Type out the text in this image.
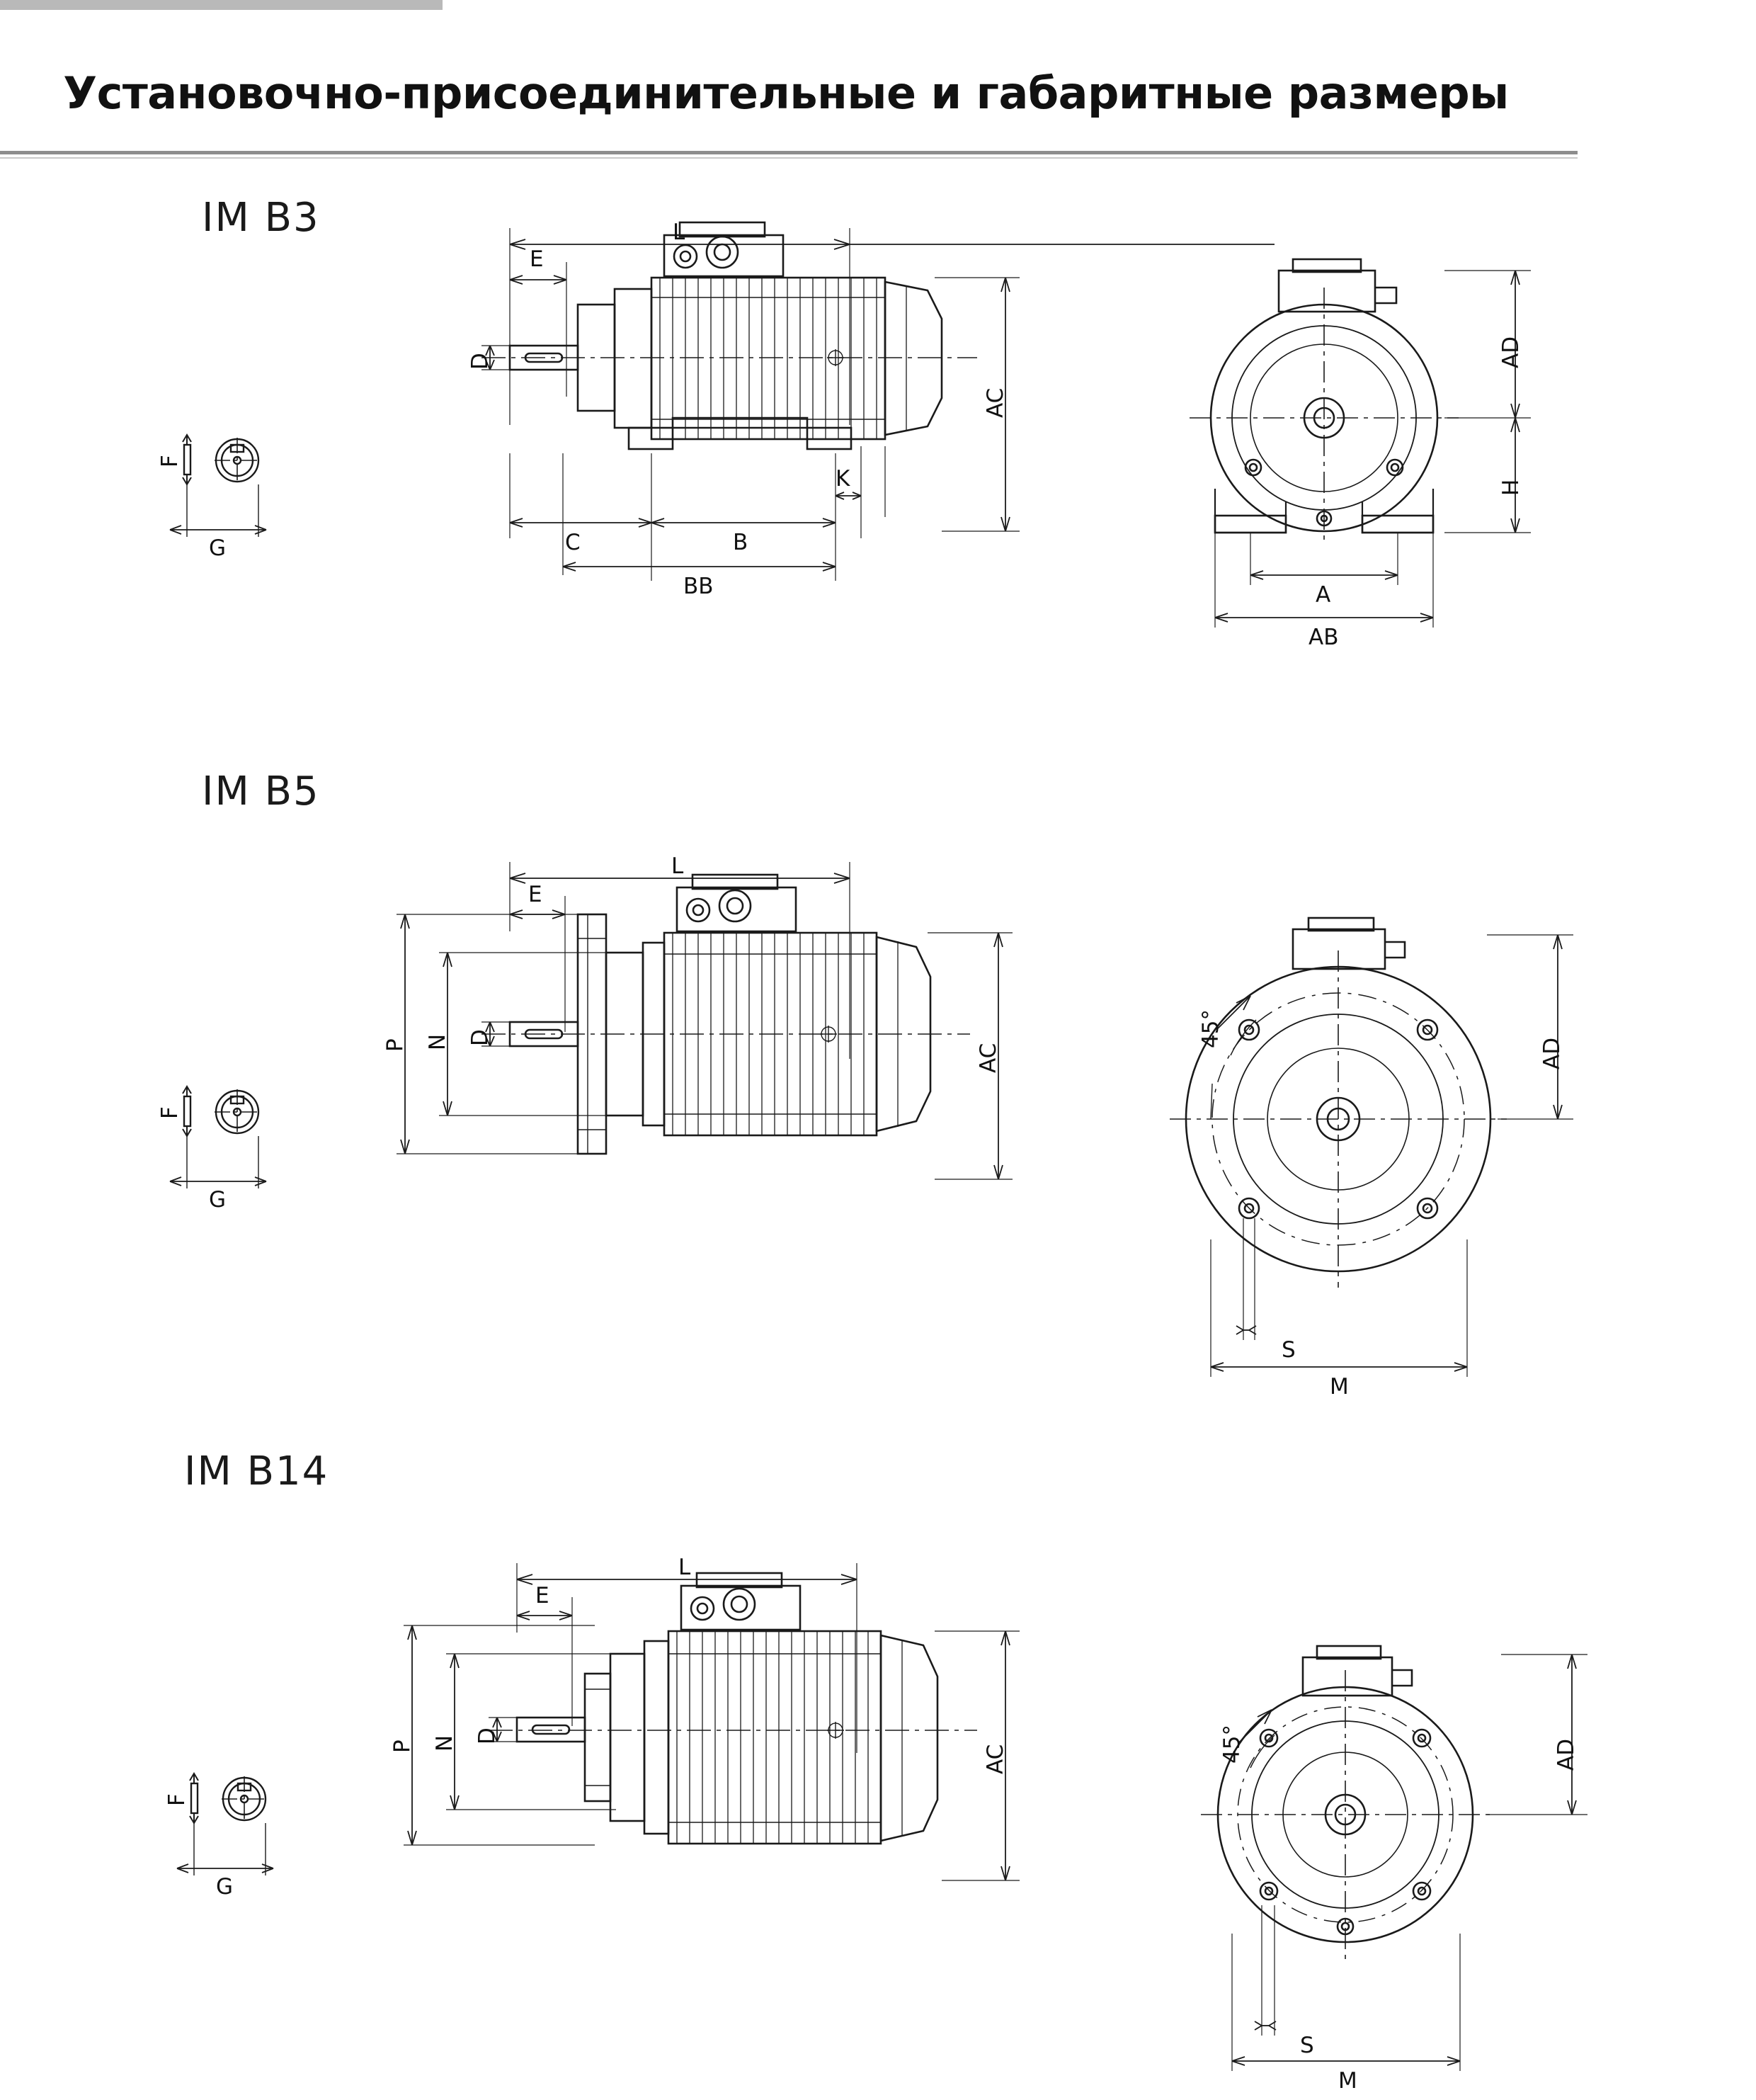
Установочно-присоединительные и габаритные размеры
IM B3
F
G
L
E
D
AC
C	B
K
BB
AD
H
A
AB
IM B5
F
G
L
E
P N D
AC
45°
AD
S
M
IM B14
F
G
L
E
P N D
AC	45°	AD
S
M
